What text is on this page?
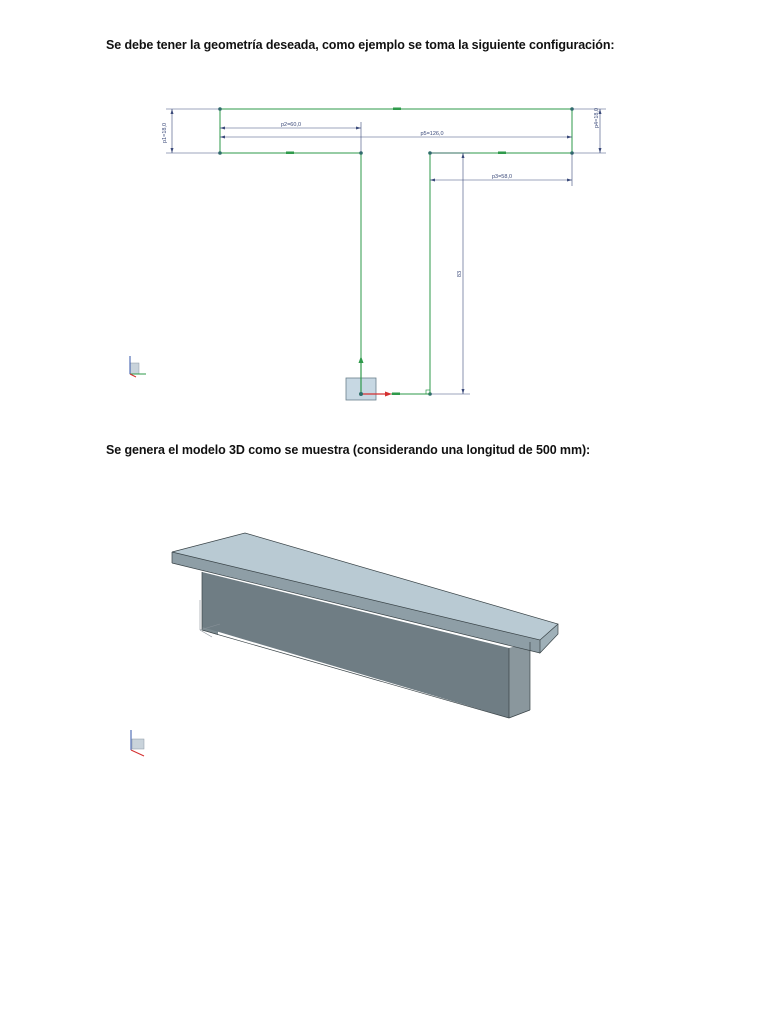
Se debe tener la geometría deseada, como ejemplo se toma la siguiente configuración:
p1=18,0
p4=18,0
p2=60,0
p5=126,0
p3=58,0
83
Se genera el modelo 3D como se muestra (considerando una longitud de 500 mm):
